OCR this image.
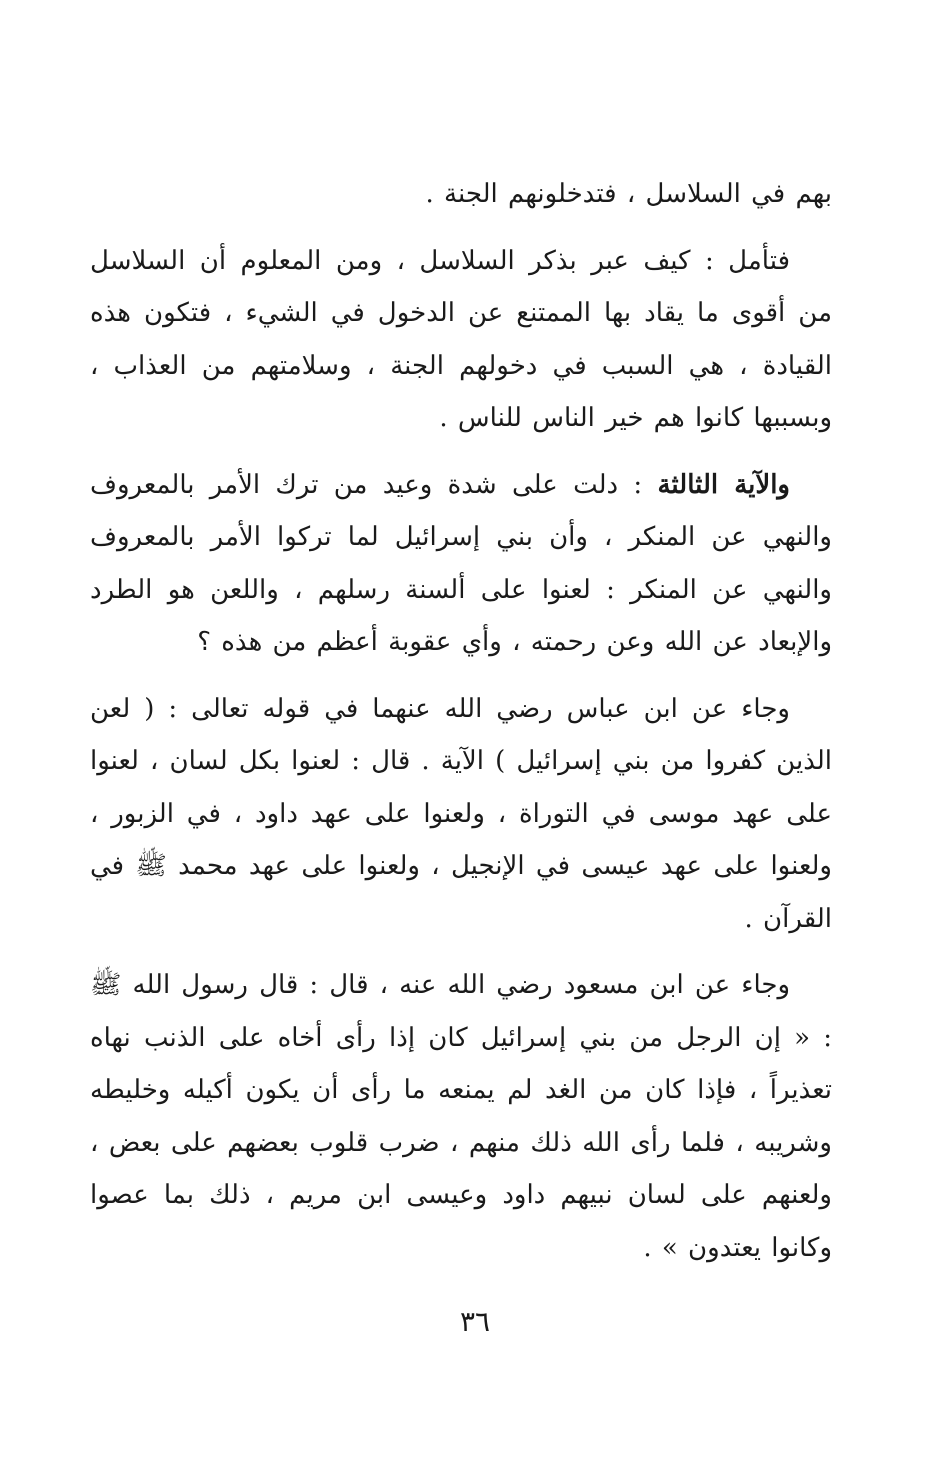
بهم في السلاسل ، فتدخلونهم الجنة .

فتأمل : كيف عبر بذكر السلاسل ، ومن المعلوم أن السلاسل من أقوى ما يقاد بها الممتنع عن الدخول في الشيء ، فتكون هذه القيادة ، هي السبب في دخولهم الجنة ، وسلامتهم من العذاب ، وبسببها كانوا هم خير الناس للناس .

والآية الثالثة : دلت على شدة وعيد من ترك الأمر بالمعروف والنهي عن المنكر ، وأن بني إسرائيل لما تركوا الأمر بالمعروف والنهي عن المنكر : لعنوا على ألسنة رسلهم ، واللعن هو الطرد والإبعاد عن الله وعن رحمته ، وأي عقوبة أعظم من هذه ؟

وجاء عن ابن عباس رضي الله عنهما في قوله تعالى : ( لعن الذين كفروا من بني إسرائيل ) الآية . قال : لعنوا بكل لسان ، لعنوا على عهد موسى في التوراة ، ولعنوا على عهد داود ، في الزبور ، ولعنوا على عهد عيسى في الإنجيل ، ولعنوا على عهد محمد ﷺ في القرآن .

وجاء عن ابن مسعود رضي الله عنه ، قال : قال رسول الله ﷺ : « إن الرجل من بني إسرائيل كان إذا رأى أخاه على الذنب نهاه تعذيراً ، فإذا كان من الغد لم يمنعه ما رأى أن يكون أكيله وخليطه وشريبه ، فلما رأى الله ذلك منهم ، ضرب قلوب بعضهم على بعض ، ولعنهم على لسان نبيهم داود وعيسى ابن مريم ، ذلك بما عصوا وكانوا يعتدون » .

٣٦
